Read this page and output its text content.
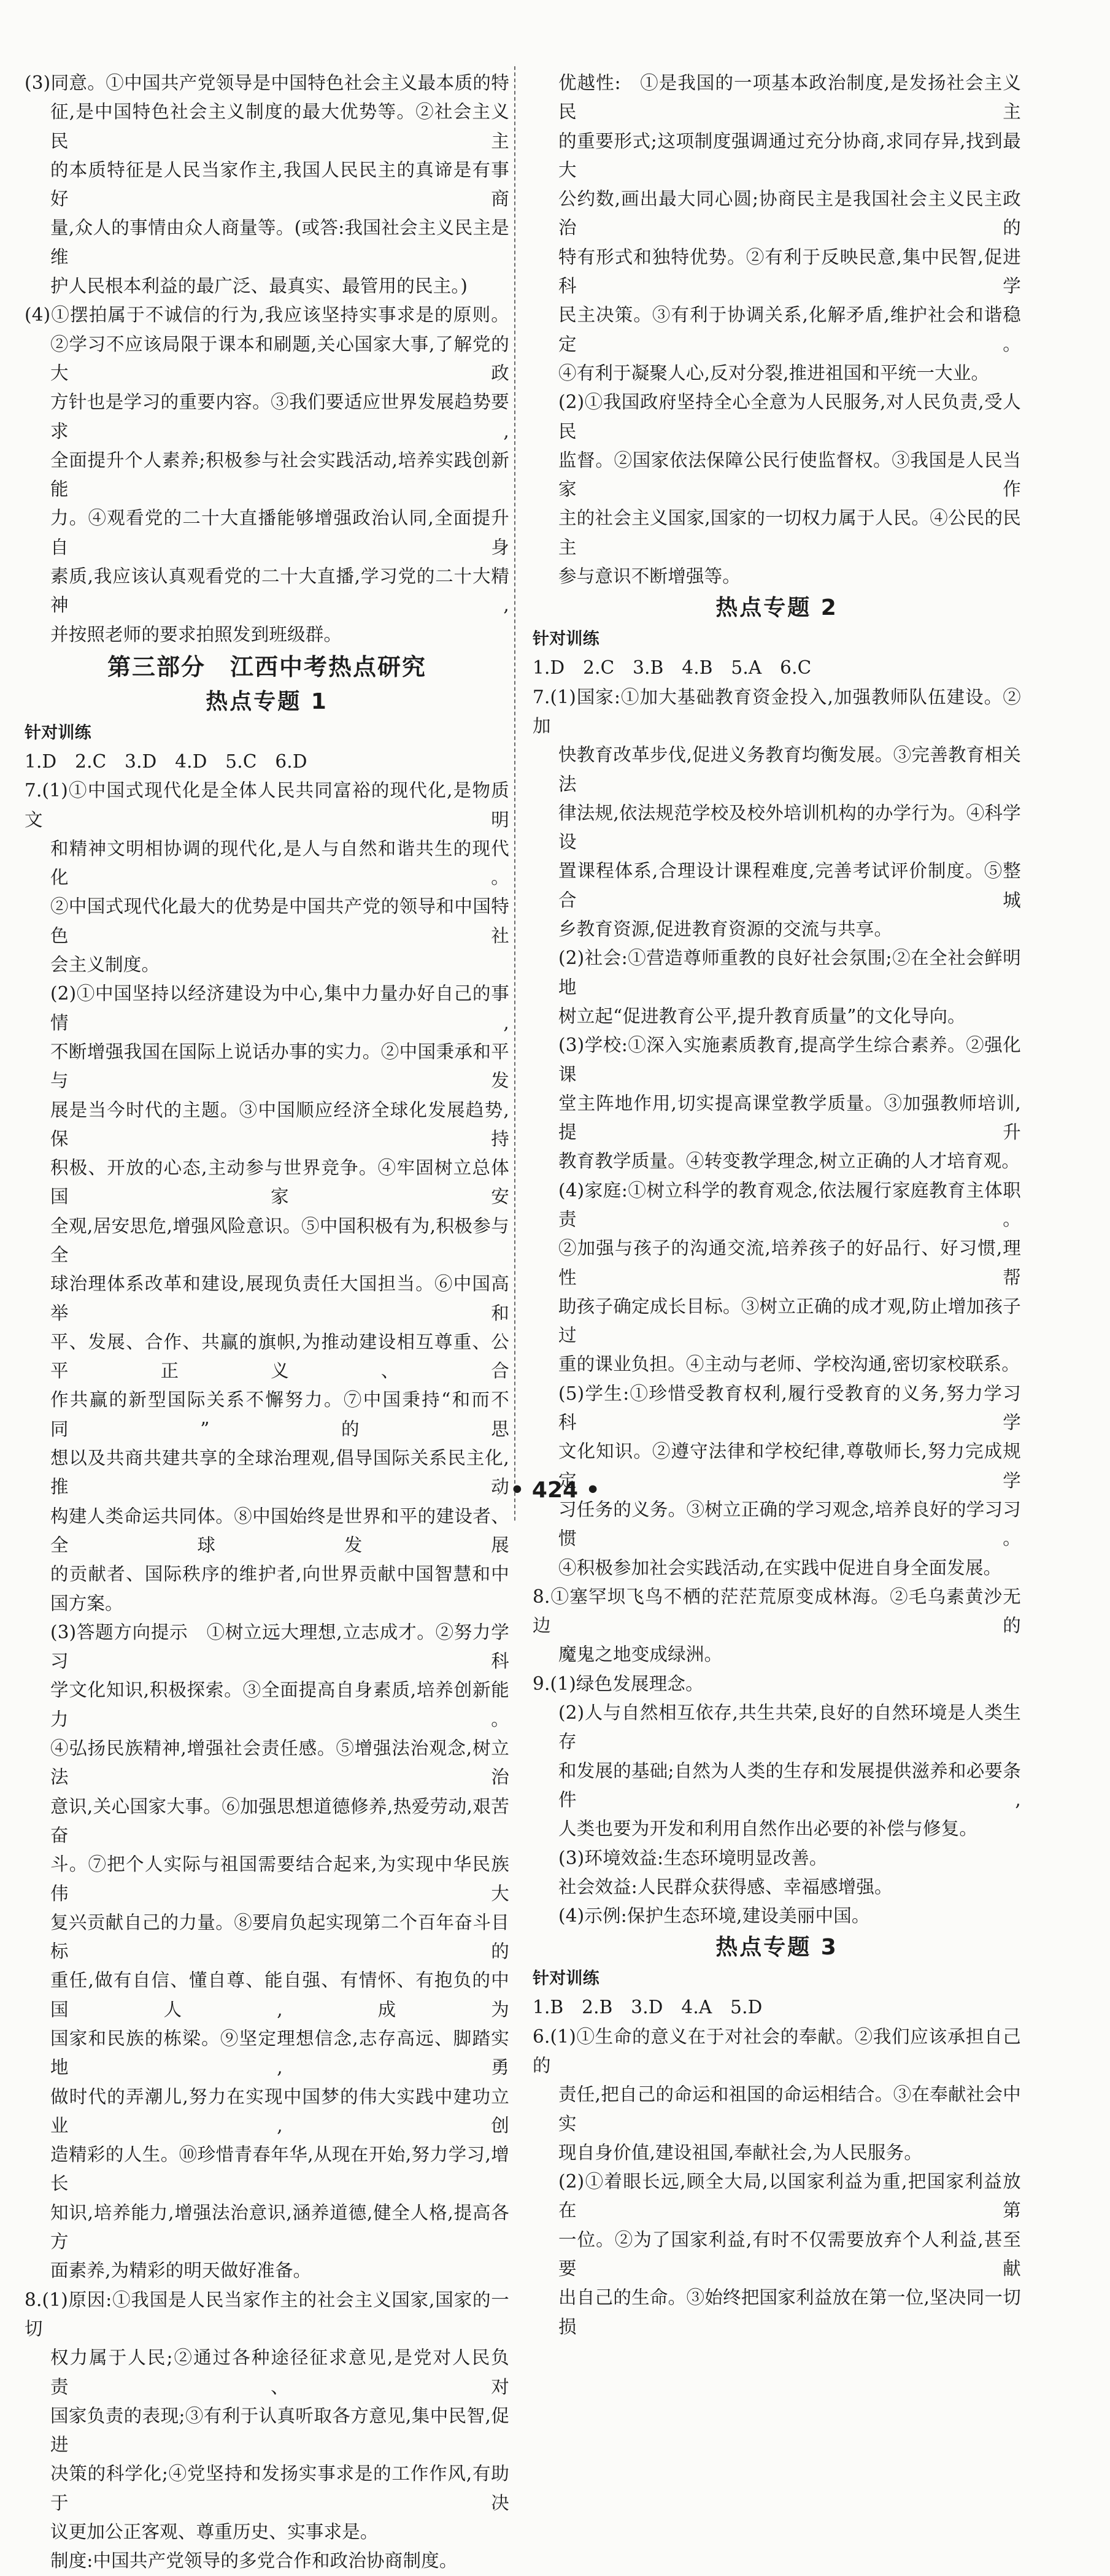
(3)同意。①中国共产党领导是中国特色社会主义最本质的特

征,是中国特色社会主义制度的最大优势等。②社会主义民主

的本质特征是人民当家作主,我国人民民主的真谛是有事好商

量,众人的事情由众人商量等。(或答:我国社会主义民主是维

护人民根本利益的最广泛、最真实、最管用的民主。)

(4)①摆拍属于不诚信的行为,我应该坚持实事求是的原则。

②学习不应该局限于课本和刷题,关心国家大事,了解党的大政

方针也是学习的重要内容。③我们要适应世界发展趋势要求,

全面提升个人素养;积极参与社会实践活动,培养实践创新能

力。④观看党的二十大直播能够增强政治认同,全面提升自身

素质,我应该认真观看党的二十大直播,学习党的二十大精神,

并按照老师的要求拍照发到班级群。

第三部分　江西中考热点研究
热点专题 1

针对训练

1.D　2.C　3.D　4.D　5.C　6.D

7.(1)①中国式现代化是全体人民共同富裕的现代化,是物质文明

和精神文明相协调的现代化,是人与自然和谐共生的现代化。

②中国式现代化最大的优势是中国共产党的领导和中国特色社

会主义制度。

(2)①中国坚持以经济建设为中心,集中力量办好自己的事情,

不断增强我国在国际上说话办事的实力。②中国秉承和平与发

展是当今时代的主题。③中国顺应经济全球化发展趋势,保持

积极、开放的心态,主动参与世界竞争。④牢固树立总体国家安

全观,居安思危,增强风险意识。⑤中国积极有为,积极参与全

球治理体系改革和建设,展现负责任大国担当。⑥中国高举和

平、发展、合作、共赢的旗帜,为推动建设相互尊重、公平正义、合

作共赢的新型国际关系不懈努力。⑦中国秉持“和而不同”的思

想以及共商共建共享的全球治理观,倡导国际关系民主化,推动

构建人类命运共同体。⑧中国始终是世界和平的建设者、全球发展

的贡献者、国际秩序的维护者,向世界贡献中国智慧和中国方案。

(3)答题方向提示　①树立远大理想,立志成才。②努力学习科

学文化知识,积极探索。③全面提高自身素质,培养创新能力。

④弘扬民族精神,增强社会责任感。⑤增强法治观念,树立法治

意识,关心国家大事。⑥加强思想道德修养,热爱劳动,艰苦奋

斗。⑦把个人实际与祖国需要结合起来,为实现中华民族伟大

复兴贡献自己的力量。⑧要肩负起实现第二个百年奋斗目标的

重任,做有自信、懂自尊、能自强、有情怀、有抱负的中国人,成为

国家和民族的栋梁。⑨坚定理想信念,志存高远、脚踏实地,勇

做时代的弄潮儿,努力在实现中国梦的伟大实践中建功立业,创

造精彩的人生。⑩珍惜青春年华,从现在开始,努力学习,增长

知识,培养能力,增强法治意识,涵养道德,健全人格,提高各方

面素养,为精彩的明天做好准备。

8.(1)原因:①我国是人民当家作主的社会主义国家,国家的一切

权力属于人民;②通过各种途径征求意见,是党对人民负责、对

国家负责的表现;③有利于认真听取各方意见,集中民智,促进

决策的科学化;④党坚持和发扬实事求是的工作作风,有助于决

议更加公正客观、尊重历史、实事求是。

制度:中国共产党领导的多党合作和政治协商制度。

优越性:　①是我国的一项基本政治制度,是发扬社会主义民主

的重要形式;这项制度强调通过充分协商,求同存异,找到最大

公约数,画出最大同心圆;协商民主是我国社会主义民主政治的

特有形式和独特优势。②有利于反映民意,集中民智,促进科学

民主决策。③有利于协调关系,化解矛盾,维护社会和谐稳定。

④有利于凝聚人心,反对分裂,推进祖国和平统一大业。

(2)①我国政府坚持全心全意为人民服务,对人民负责,受人民

监督。②国家依法保障公民行使监督权。③我国是人民当家作

主的社会主义国家,国家的一切权力属于人民。④公民的民主

参与意识不断增强等。

热点专题 2

针对训练

1.D　2.C　3.B　4.B　5.A　6.C

7.(1)国家:①加大基础教育资金投入,加强教师队伍建设。②加

快教育改革步伐,促进义务教育均衡发展。③完善教育相关法

律法规,依法规范学校及校外培训机构的办学行为。④科学设

置课程体系,合理设计课程难度,完善考试评价制度。⑤整合城

乡教育资源,促进教育资源的交流与共享。

(2)社会:①营造尊师重教的良好社会氛围;②在全社会鲜明地

树立起“促进教育公平,提升教育质量”的文化导向。

(3)学校:①深入实施素质教育,提高学生综合素养。②强化课

堂主阵地作用,切实提高课堂教学质量。③加强教师培训,提升

教育教学质量。④转变教学理念,树立正确的人才培育观。

(4)家庭:①树立科学的教育观念,依法履行家庭教育主体职责。

②加强与孩子的沟通交流,培养孩子的好品行、好习惯,理性帮

助孩子确定成长目标。③树立正确的成才观,防止增加孩子过

重的课业负担。④主动与老师、学校沟通,密切家校联系。

(5)学生:①珍惜受教育权利,履行受教育的义务,努力学习科学

文化知识。②遵守法律和学校纪律,尊敬师长,努力完成规定学

习任务的义务。③树立正确的学习观念,培养良好的学习习惯。

④积极参加社会实践活动,在实践中促进自身全面发展。

8.①塞罕坝飞鸟不栖的茫茫荒原变成林海。②毛乌素黄沙无边的

魔鬼之地变成绿洲。

9.(1)绿色发展理念。

(2)人与自然相互依存,共生共荣,良好的自然环境是人类生存

和发展的基础;自然为人类的生存和发展提供滋养和必要条件,

人类也要为开发和利用自然作出必要的补偿与修复。

(3)环境效益:生态环境明显改善。

社会效益:人民群众获得感、幸福感增强。

(4)示例:保护生态环境,建设美丽中国。

热点专题 3

针对训练

1.B　2.B　3.D　4.A　5.D

6.(1)①生命的意义在于对社会的奉献。②我们应该承担自己的

责任,把自己的命运和祖国的命运相结合。③在奉献社会中实

现自身价值,建设祖国,奉献社会,为人民服务。

(2)①着眼长远,顾全大局,以国家利益为重,把国家利益放在第

一位。②为了国家利益,有时不仅需要放弃个人利益,甚至要献

出自己的生命。③始终把国家利益放在第一位,坚决同一切损

• 424 •
